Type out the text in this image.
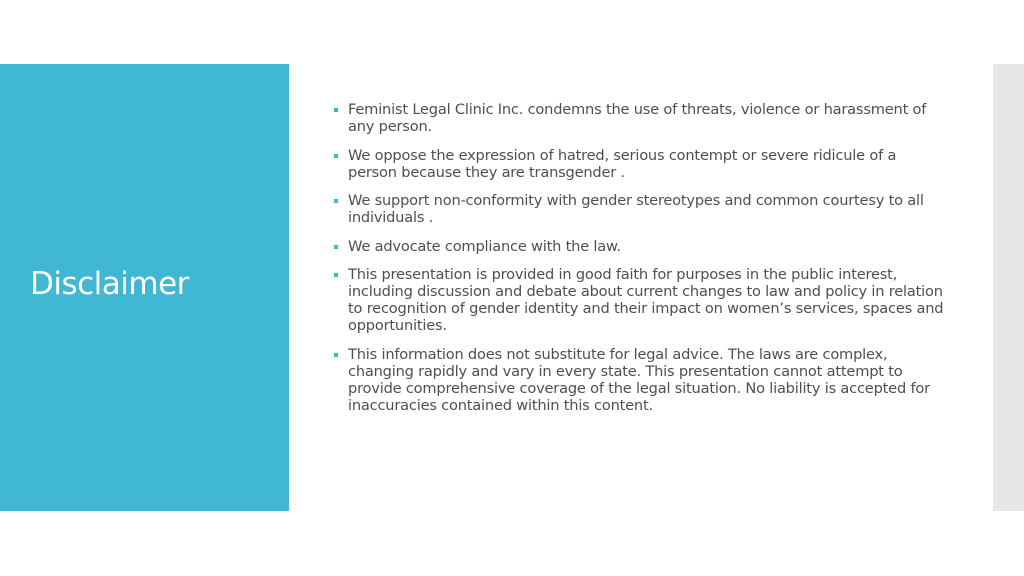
Disclaimer
Feminist Legal Clinic Inc. condemns the use of threats, violence or harassment of any person.
We oppose the expression of hatred, serious contempt or severe ridicule of a person because they are transgender .
We support non-conformity with gender stereotypes and common courtesy to all individuals .
We advocate compliance with the law.
This presentation is provided in good faith for purposes in the public interest, including discussion and debate about current changes to law and policy in relation to recognition of gender identity and their impact on women’s services, spaces and opportunities.
This information does not substitute for legal advice. The laws are complex, changing rapidly and vary in every state. This presentation cannot attempt to provide comprehensive coverage of the legal situation. No liability is accepted for inaccuracies contained within this content.
